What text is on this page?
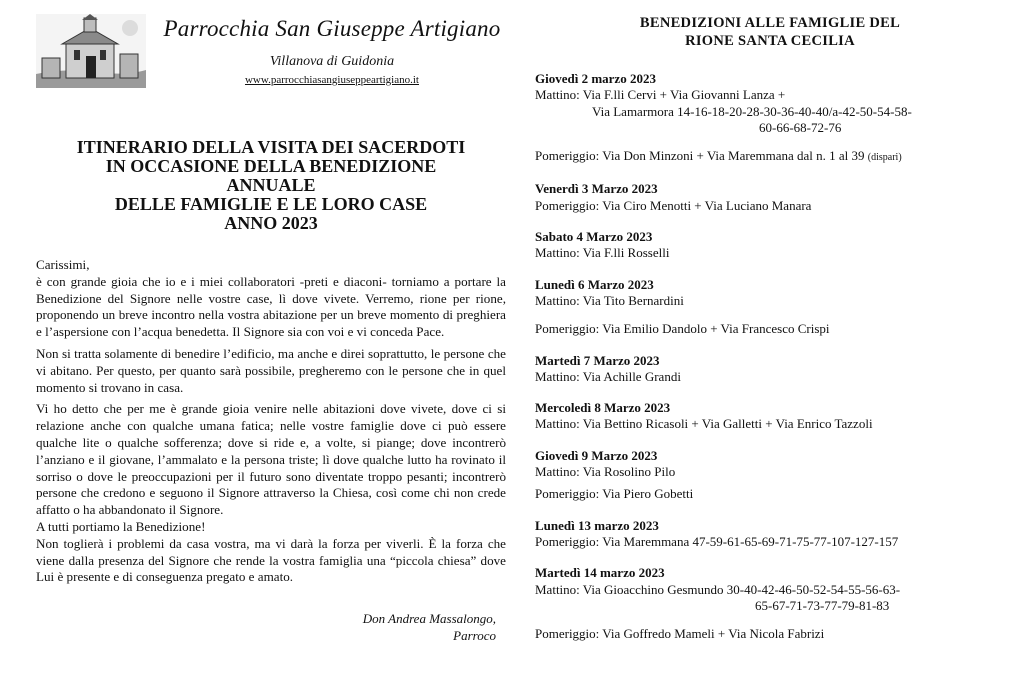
Parrocchia San Giuseppe Artigiano
Villanova di Guidonia
www.parrocchiasangiuseppeartigiano.it
ITINERARIO DELLA VISITA DEI SACERDOTI
IN OCCASIONE DELLA BENEDIZIONE
ANNUALE
DELLE FAMIGLIE E LE LORO CASE
ANNO 2023

Carissimi,

è con grande gioia che io e i miei collaboratori -preti e diaconi- torniamo a portare la Benedizione del Signore nelle vostre case, lì dove vivete. Verremo, rione per rione, proponendo un breve incontro nella vostra abitazione per un breve momento di preghiera e l’aspersione con l’acqua benedetta. Il Signore sia con voi e vi conceda Pace.

Non si tratta solamente di benedire l’edificio, ma anche e direi soprattutto, le persone che vi abitano. Per questo, per quanto sarà possibile, pregheremo con le persone che in quel momento si trovano in casa.

Vi ho detto che per me è grande gioia venire nelle abitazioni dove vivete, dove ci si relazione anche con qualche umana fatica; nelle vostre famiglie dove ci può essere qualche lite o qualche sofferenza; dove si ride e, a volte, si piange; dove incontrerò l’anziano e il giovane, l’ammalato e la persona triste; lì dove qualche lutto ha rovinato il sorriso o dove le preoccupazioni per il futuro sono diventate troppo pesanti; incontrerò persone che credono e seguono il Signore attraverso la Chiesa, così come chi non crede affatto o ha abbandonato il Signore.

A tutti portiamo la Benedizione!

Non toglierà i problemi da casa vostra, ma vi darà la forza per viverli. È la forza che viene dalla presenza del Signore che rende la vostra famiglia una “piccola chiesa” dove Lui è presente e di conseguenza pregato e amato.

Don Andrea Massalongo,
Parroco
BENEDIZIONI ALLE FAMIGLIE DEL
RIONE SANTA CECILIA
Giovedì 2 marzo 2023
Mattino: Via F.lli Cervi + Via Giovanni Lanza +
Via Lamarmora 14-16-18-20-28-30-36-40-40/a-42-50-54-58-
60-66-68-72-76
Pomeriggio: Via Don Minzoni + Via Maremmana dal n. 1 al 39 (dispari)
Venerdì 3 Marzo 2023
Pomeriggio: Via Ciro Menotti + Via Luciano Manara
Sabato 4 Marzo 2023
Mattino: Via F.lli Rosselli
Lunedì 6 Marzo 2023
Mattino: Via Tito Bernardini
Pomeriggio: Via Emilio Dandolo + Via Francesco Crispi
Martedì 7 Marzo 2023
Mattino: Via Achille Grandi
Mercoledì 8 Marzo 2023
Mattino: Via Bettino Ricasoli + Via Galletti + Via Enrico Tazzoli
Giovedì 9 Marzo 2023
Mattino: Via Rosolino Pilo
Pomeriggio: Via Piero Gobetti
Lunedì 13 marzo 2023
Pomeriggio: Via Maremmana 47-59-61-65-69-71-75-77-107-127-157
Martedì 14 marzo 2023
Mattino: Via Gioacchino Gesmundo 30-40-42-46-50-52-54-55-56-63-
65-67-71-73-77-79-81-83
Pomeriggio: Via Goffredo Mameli + Via Nicola Fabrizi
